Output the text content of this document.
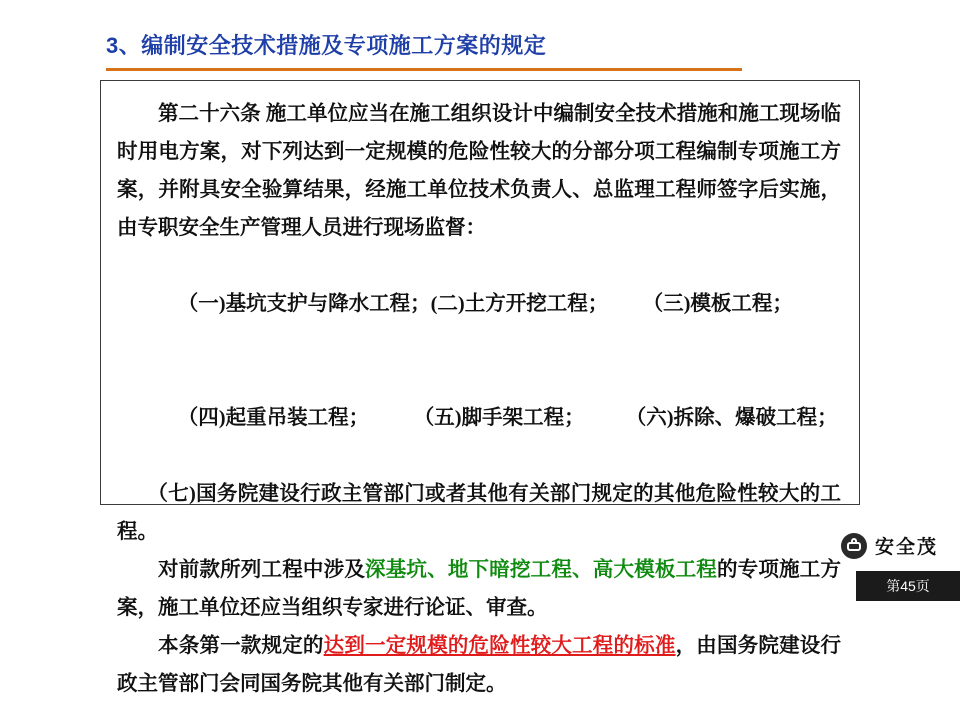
3、编制安全技术措施及专项施工方案的规定

第二十六条 施工单位应当在施工组织设计中编制安全技术措施和施工现场临时用电方案，对下列达到一定规模的危险性较大的分部分项工程编制专项施工方案，并附具安全验算结果，经施工单位技术负责人、总监理工程师签字后实施，由专职安全生产管理人员进行现场监督：

（一)基坑支护与降水工程；(二)土方开挖工程； （三)模板工程；

（四)起重吊装工程； （五)脚手架工程； （六)拆除、爆破工程；

（七)国务院建设行政主管部门或者其他有关部门规定的其他危险性较大的工程。

对前款所列工程中涉及深基坑、地下暗挖工程、高大模板工程的专项施工方案，施工单位还应当组织专家进行论证、审查。

本条第一款规定的达到一定规模的危险性较大工程的标准，由国务院建设行政主管部门会同国务院其他有关部门制定。

安全茂
第45页
